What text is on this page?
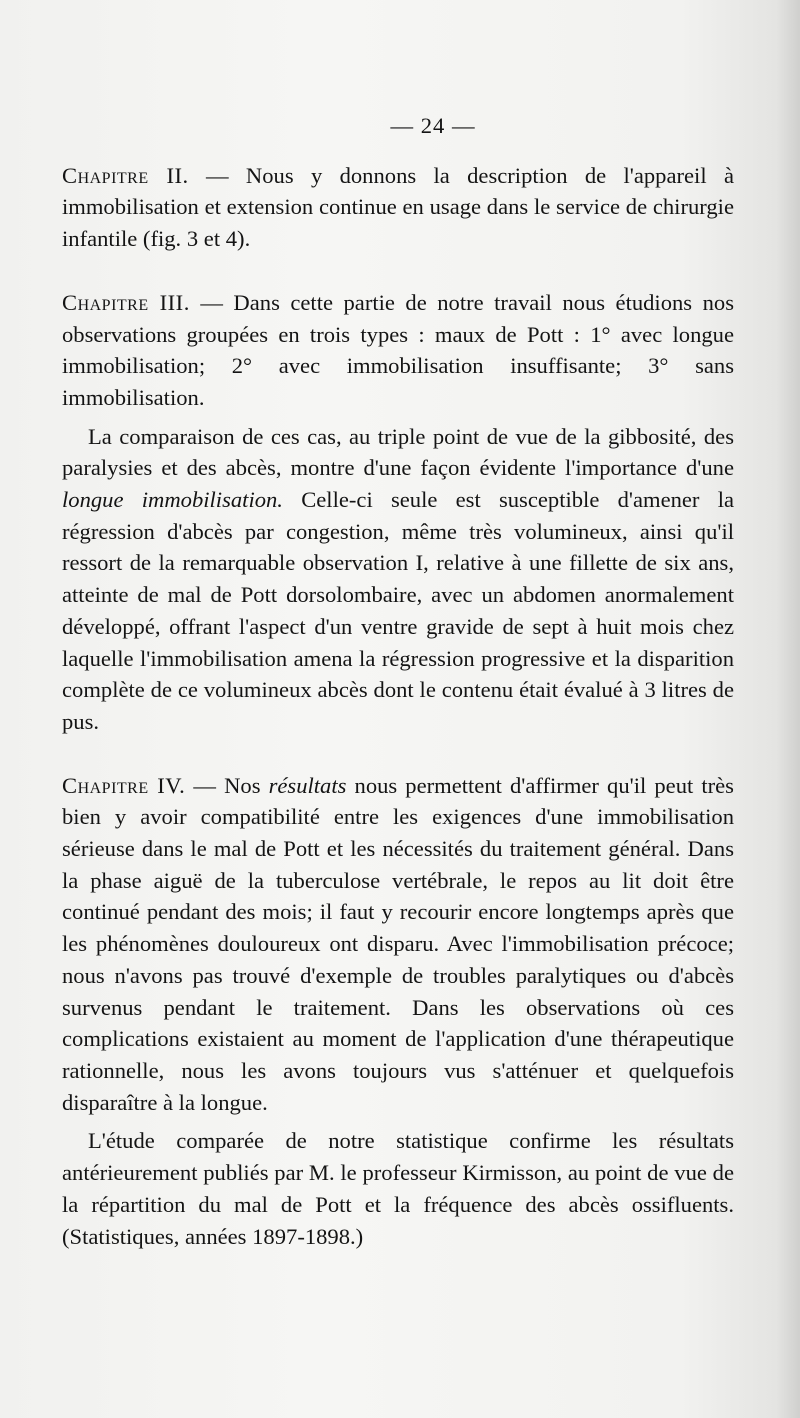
— 24 —

Chapitre II. — Nous y donnons la description de l'appareil à immobilisation et extension continue en usage dans le service de chirurgie infantile (fig. 3 et 4).

Chapitre III. — Dans cette partie de notre travail nous étudions nos observations groupées en trois types : maux de Pott : 1° avec longue immobilisation; 2° avec immobilisation insuffisante; 3° sans immobilisation.

La comparaison de ces cas, au triple point de vue de la gibbosité, des paralysies et des abcès, montre d'une façon évidente l'importance d'une longue immobilisation. Celle-ci seule est susceptible d'amener la régression d'abcès par congestion, même très volumineux, ainsi qu'il ressort de la remarquable observation I, relative à une fillette de six ans, atteinte de mal de Pott dorsolombaire, avec un abdomen anormalement développé, offrant l'aspect d'un ventre gravide de sept à huit mois chez laquelle l'immobilisation amena la régression progressive et la disparition complète de ce volumineux abcès dont le contenu était évalué à 3 litres de pus.

Chapitre IV. — Nos résultats nous permettent d'affirmer qu'il peut très bien y avoir compatibilité entre les exigences d'une immobilisation sérieuse dans le mal de Pott et les nécessités du traitement général. Dans la phase aiguë de la tuberculose vertébrale, le repos au lit doit être continué pendant des mois; il faut y recourir encore longtemps après que les phénomènes douloureux ont disparu. Avec l'immobilisation précoce; nous n'avons pas trouvé d'exemple de troubles paralytiques ou d'abcès survenus pendant le traitement. Dans les observations où ces complications existaient au moment de l'application d'une thérapeutique rationnelle, nous les avons toujours vus s'atténuer et quelquefois disparaître à la longue.

L'étude comparée de notre statistique confirme les résultats antérieurement publiés par M. le professeur Kirmisson, au point de vue de la répartition du mal de Pott et la fréquence des abcès ossifluents. (Statistiques, années 1897-1898.)
